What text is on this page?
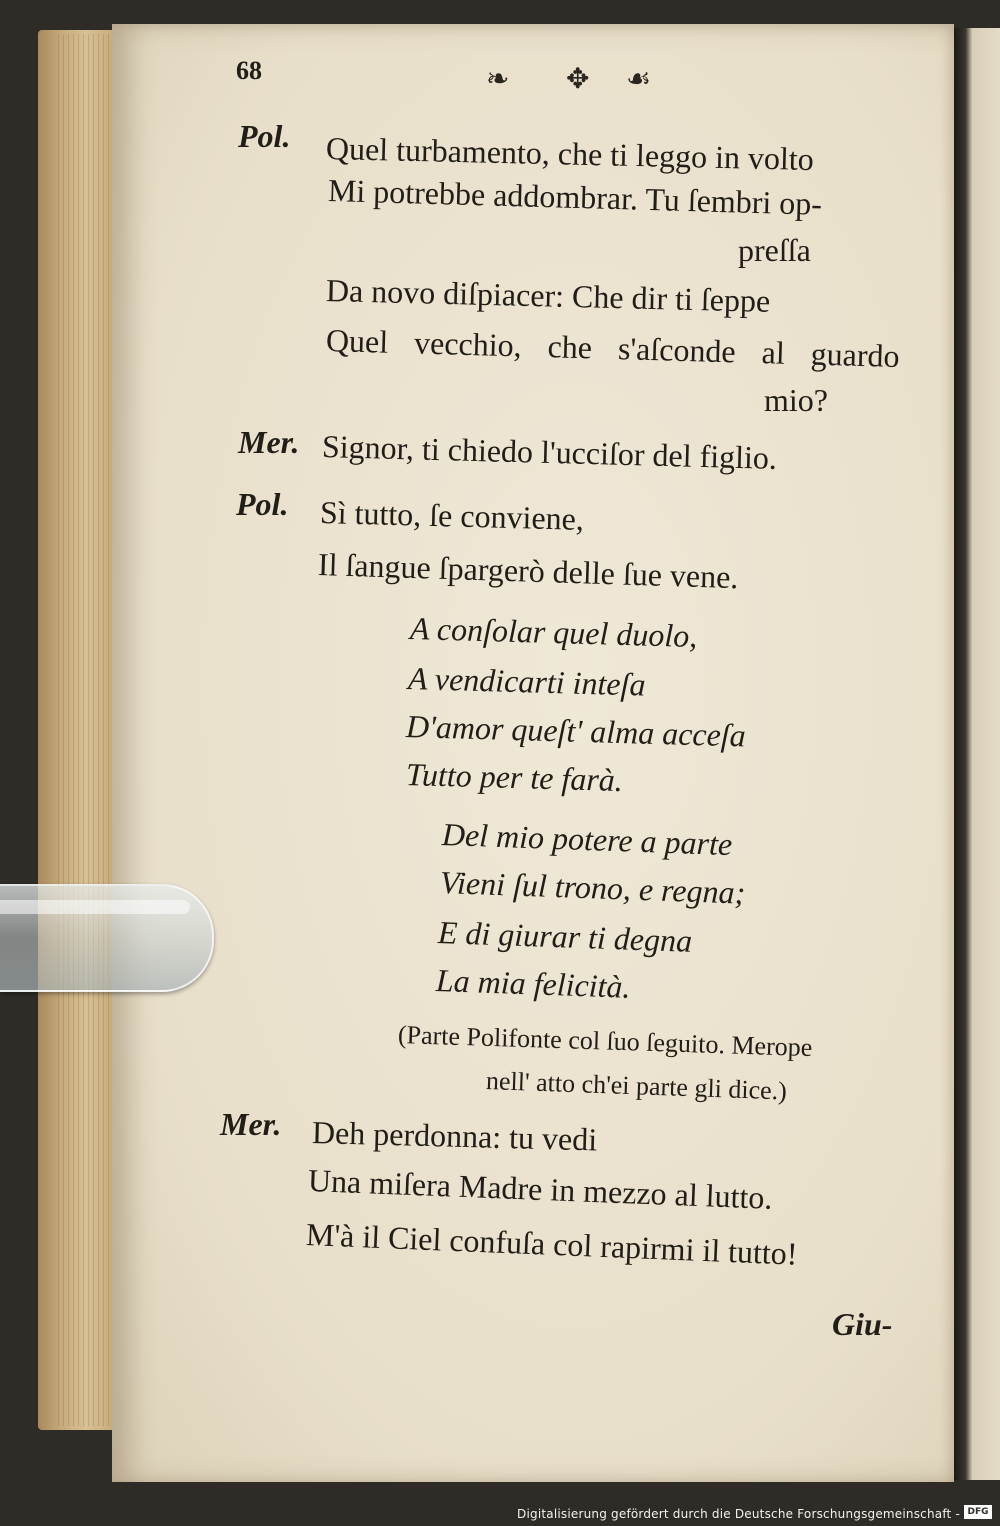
68	❧ ✥ ☙
Pol. Quel turbamento, che ti leggo in volto
Mi potrebbe addombrar. Tu ſembri op-
preſſa
Da novo diſpiacer: Che dir ti ſeppe
Quel vecchio, che s'aſconde al guardo
mio?
Mer. Signor, ti chiedo l'ucciſor del figlio.
Pol. Sì tutto, ſe conviene,
Il ſangue ſpargerò delle ſue vene.
A conſolar quel duolo,
A vendicarti inteſa
D'amor queſt' alma acceſa
Tutto per te farà.
Del mio potere a parte
Vieni ſul trono, e regna;
E di giurar ti degna
La mia felicità.
(Parte Polifonte col ſuo ſeguito. Merope
nell' atto ch'ei parte gli dice.)
Mer. Deh perdonna: tu vedi
Una miſera Madre in mezzo al lutto.
M'à il Ciel confuſa col rapirmi il tutto!
Giu-
Digitalisierung gefördert durch die Deutsche Forschungsgemeinschaft - DFG
